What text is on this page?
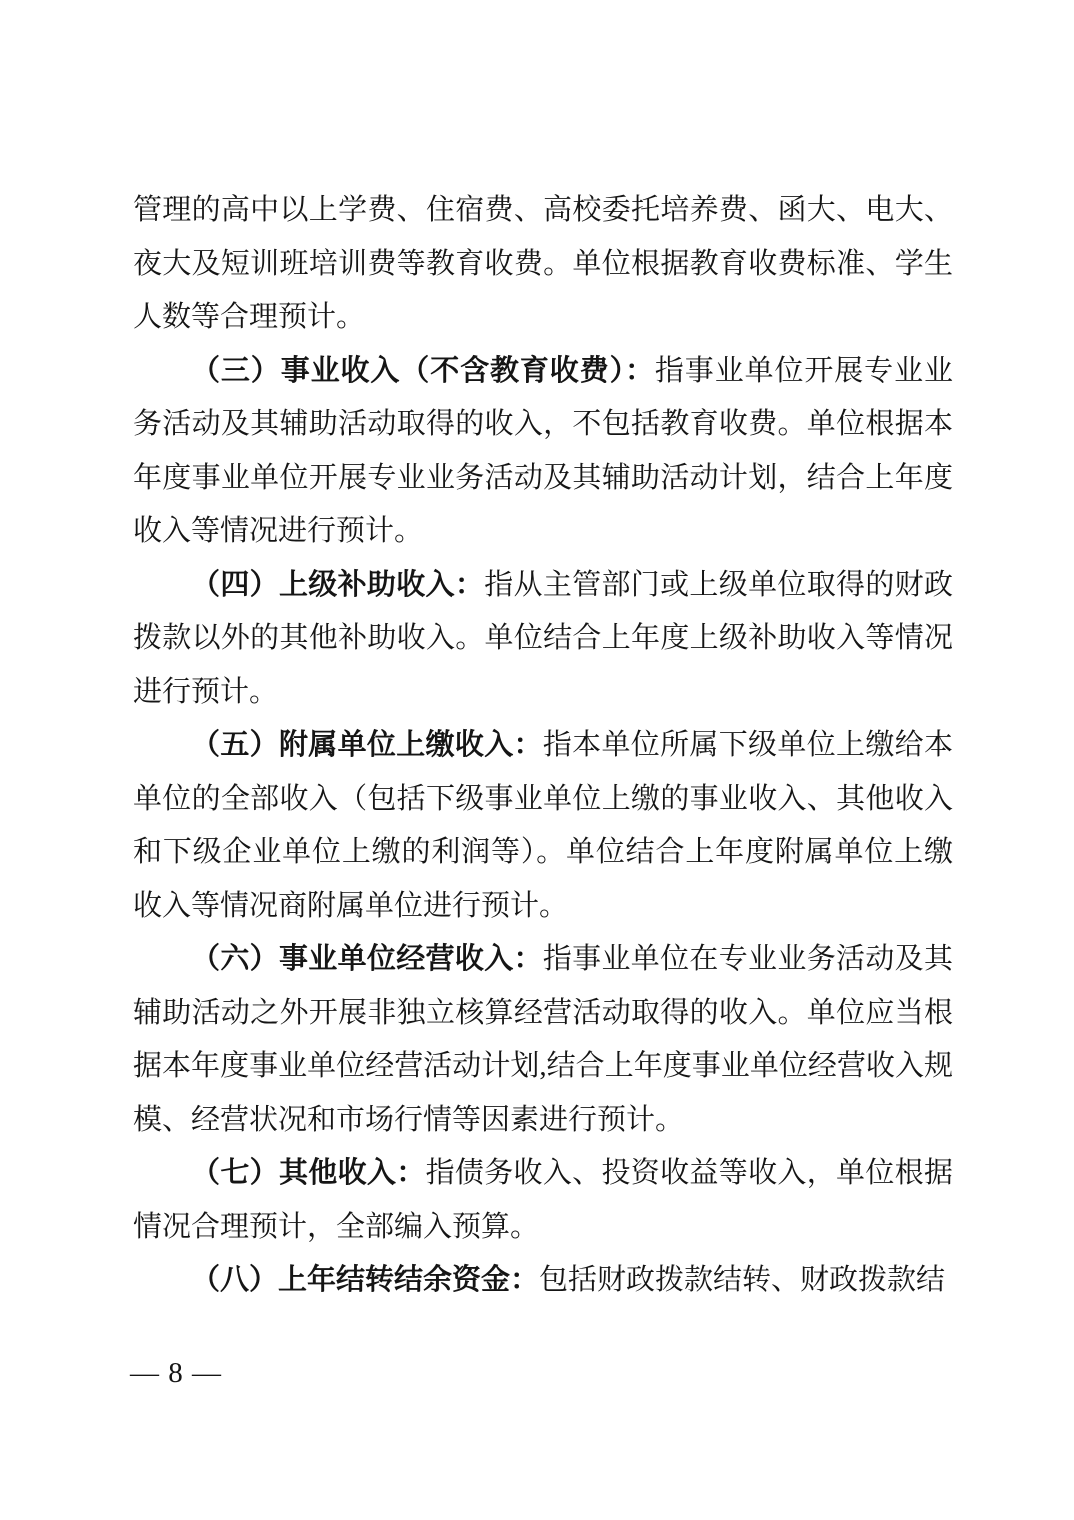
管理的高中以上学费、住宿费、高校委托培养费、函大、电大、夜大及短训班培训费等教育收费。单位根据教育收费标准、学生人数等合理预计。

（三）事业收入（不含教育收费）：指事业单位开展专业业务活动及其辅助活动取得的收入，不包括教育收费。单位根据本年度事业单位开展专业业务活动及其辅助活动计划，结合上年度收入等情况进行预计。

（四）上级补助收入：指从主管部门或上级单位取得的财政拨款以外的其他补助收入。单位结合上年度上级补助收入等情况进行预计。

（五）附属单位上缴收入：指本单位所属下级单位上缴给本单位的全部收入（包括下级事业单位上缴的事业收入、其他收入和下级企业单位上缴的利润等）。单位结合上年度附属单位上缴收入等情况商附属单位进行预计。

（六）事业单位经营收入：指事业单位在专业业务活动及其辅助活动之外开展非独立核算经营活动取得的收入。单位应当根据本年度事业单位经营活动计划,结合上年度事业单位经营收入规模、经营状况和市场行情等因素进行预计。

（七）其他收入：指债务收入、投资收益等收入，单位根据情况合理预计，全部编入预算。

（八）上年结转结余资金：包括财政拨款结转、财政拨款结

— 8 —
